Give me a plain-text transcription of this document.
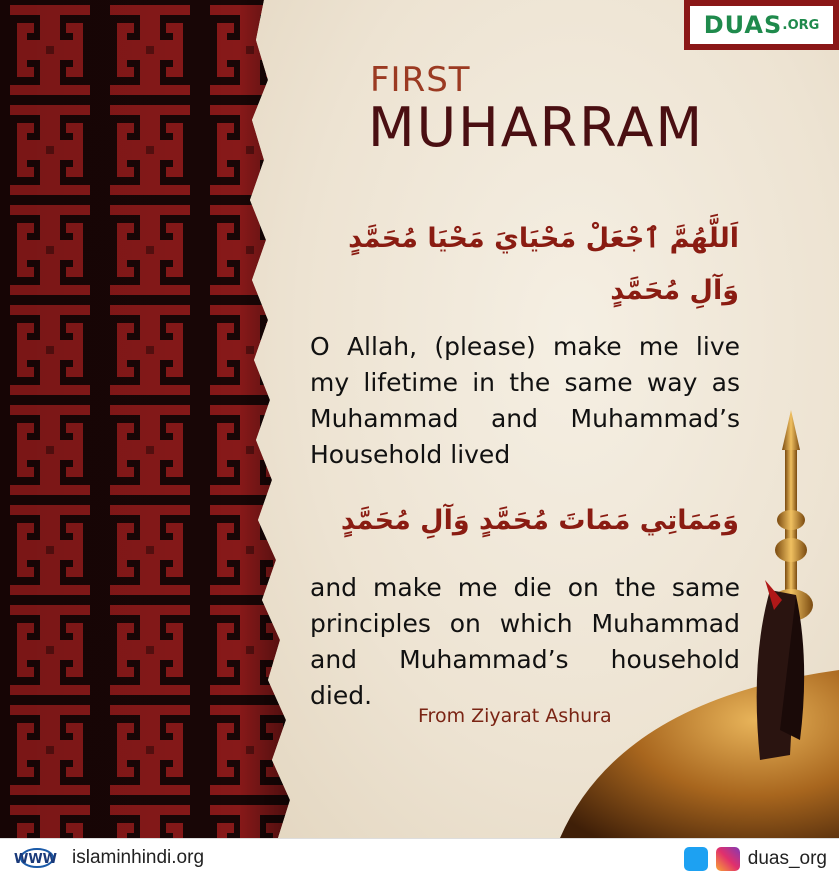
DUAS . ORG
FIRST
MUHARRAM
اَللَّهُمَّ ٱجْعَلْ مَحْيَايَ مَحْيَا مُحَمَّدٍ وَآلِ مُحَمَّدٍ
O Allah, (please) make me live my lifetime in the same way as Muhammad and Muhammad’s Household lived
وَمَمَاتِي مَمَاتَ مُحَمَّدٍ وَآلِ مُحَمَّدٍ
and make me die on the same principles on which Muhammad and Muhammad’s household died.
From Ziyarat Ashura
WWW islaminhindi.org	duas_org
